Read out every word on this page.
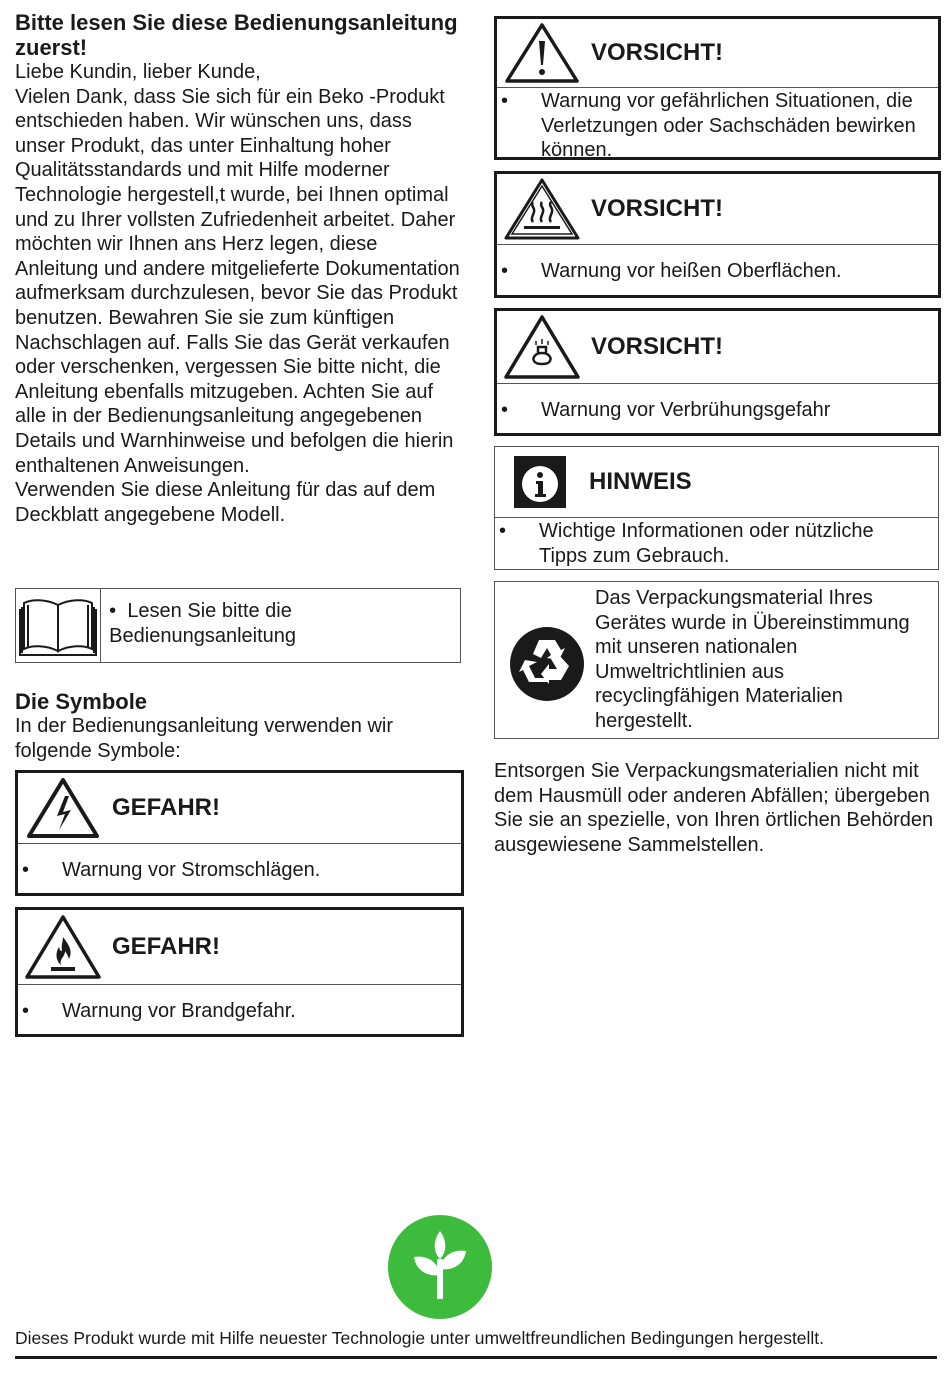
Bitte lesen Sie diese Bedienungsanleitung zuerst!

Liebe Kundin, lieber Kunde,

Vielen Dank, dass Sie sich für ein Beko -Produkt entschieden haben. Wir wünschen uns, dass unser Produkt, das unter Einhaltung hoher Qualitätsstandards und mit Hilfe moderner Technologie hergestell,t wurde, bei Ihnen optimal und zu Ihrer vollsten Zufriedenheit arbeitet. Daher möchten wir Ihnen ans Herz legen, diese Anleitung und andere mitgelieferte Dokumentation aufmerksam durchzulesen, bevor Sie das Produkt benutzen. Bewahren Sie sie zum künftigen Nachschlagen auf. Falls Sie das Gerät verkaufen oder verschenken, vergessen Sie bitte nicht, die Anleitung ebenfalls mitzugeben. Achten Sie auf alle in der Bedienungsanleitung angegebenen Details und Warnhinweise und befolgen die hierin enthaltenen Anweisungen.

Verwenden Sie diese Anleitung für das auf dem Deckblatt angegebene Modell.

• Lesen Sie bitte die Bedienungsanleitung
Die Symbole

In der Bedienungsanleitung verwenden wir folgende Symbole:

GEFAHR!
•	Warnung vor Stromschlägen.
GEFAHR!
•	Warnung vor Brandgefahr.
VORSICHT!
•	Warnung vor gefährlichen Situationen, die Verletzungen oder Sachschäden bewirken können.
VORSICHT!
•	Warnung vor heißen Oberflächen.
VORSICHT!
•	Warnung vor Verbrühungsgefahr
HINWEIS
•	Wichtige Informationen oder nützliche Tipps zum Gebrauch.
Das Verpackungsmaterial Ihres Gerätes wurde in Übereinstimmung mit unseren nationalen Umweltrichtlinien aus recyclingfähigen Materialien hergestellt.
Entsorgen Sie Verpackungsmaterialien nicht mit dem Hausmüll oder anderen Abfällen; übergeben Sie sie an spezielle, von Ihren örtlichen Behörden ausgewiesene Sammelstellen.
Dieses Produkt wurde mit Hilfe neuester Technologie unter umweltfreundlichen Bedingungen hergestellt.
